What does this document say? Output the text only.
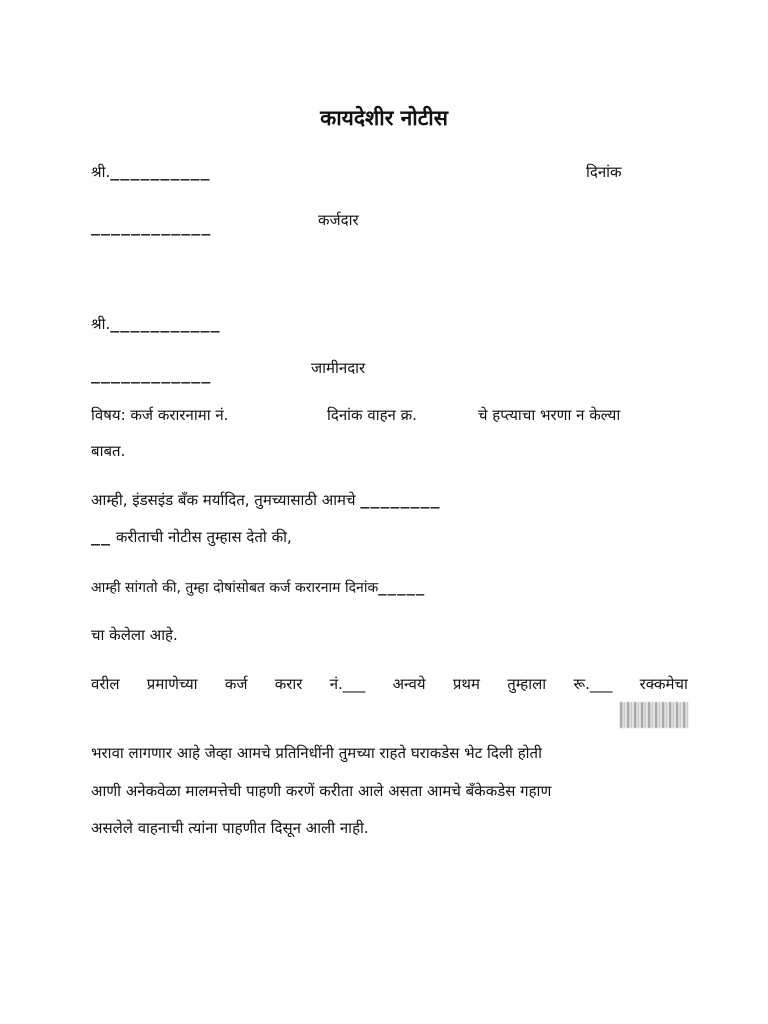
कायदेशीर नोटीस
श्री.__________	दिनांक
____________	कर्जदार
श्री.___________
____________	जामीनदार
विषय: कर्ज करारनामा नं.	दिनांक वाहन क्र.	चे हप्त्याचा भरणा न केल्या
बाबत.
आम्ही, इंडसइंड बॅंक मर्यादित, तुमच्यासाठी आमचे ________
__ करीताची नोटीस तुम्हास देतो की,
आम्ही सांगतो की, तुम्हा दोषांसोबत कर्ज करारनाम दिनांक_____
चा केलेला आहे.
वरील प्रमाणेच्या कर्ज करार नं.___ अन्वये प्रथम तुम्हाला रू.___ रक्कमेचा
भरावा लागणार आहे जेव्हा आमचे प्रतिनिधींनी तुमच्या राहते घराकडेस भेट दिली होती
आणी अनेकवेळा मालमत्तेची पाहणी करणें करीता आले असता आमचे बॅंकेकडेस गहाण
असलेले वाहनाची त्यांना पाहणीत दिसून आली नाही.
